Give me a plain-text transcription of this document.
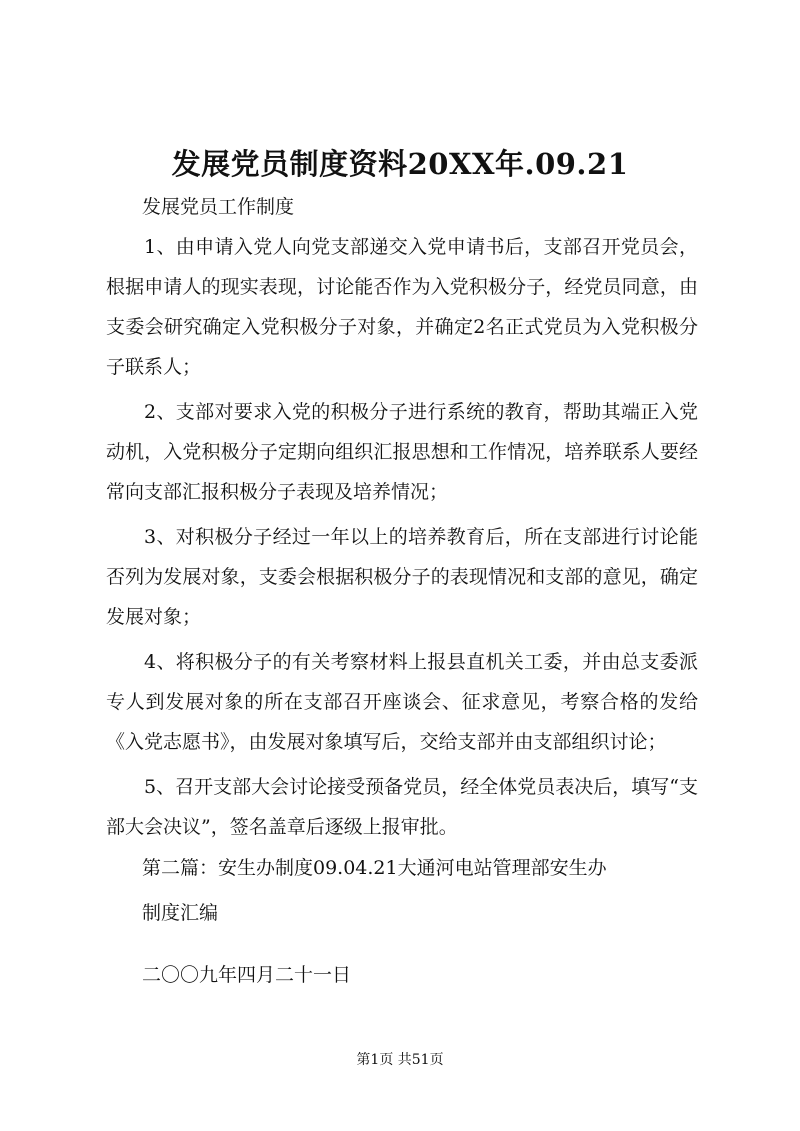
发展党员制度资料20XX年.09.21
发展党员工作制度

1、由申请入党人向党支部递交入党申请书后，支部召开党员会，根据申请人的现实表现，讨论能否作为入党积极分子，经党员同意，由支委会研究确定入党积极分子对象，并确定2名正式党员为入党积极分子联系人；

2、支部对要求入党的积极分子进行系统的教育，帮助其端正入党动机，入党积极分子定期向组织汇报思想和工作情况，培养联系人要经常向支部汇报积极分子表现及培养情况；

3、对积极分子经过一年以上的培养教育后，所在支部进行讨论能否列为发展对象，支委会根据积极分子的表现情况和支部的意见，确定发展对象；

4、将积极分子的有关考察材料上报县直机关工委，并由总支委派专人到发展对象的所在支部召开座谈会、征求意见，考察合格的发给《入党志愿书》，由发展对象填写后，交给支部并由支部组织讨论；

5、召开支部大会讨论接受预备党员，经全体党员表决后，填写“支部大会决议”，签名盖章后逐级上报审批。

第二篇：安生办制度09.04.21大通河电站管理部安生办
制度汇编
二〇〇九年四月二十一日
第1页 共51页
